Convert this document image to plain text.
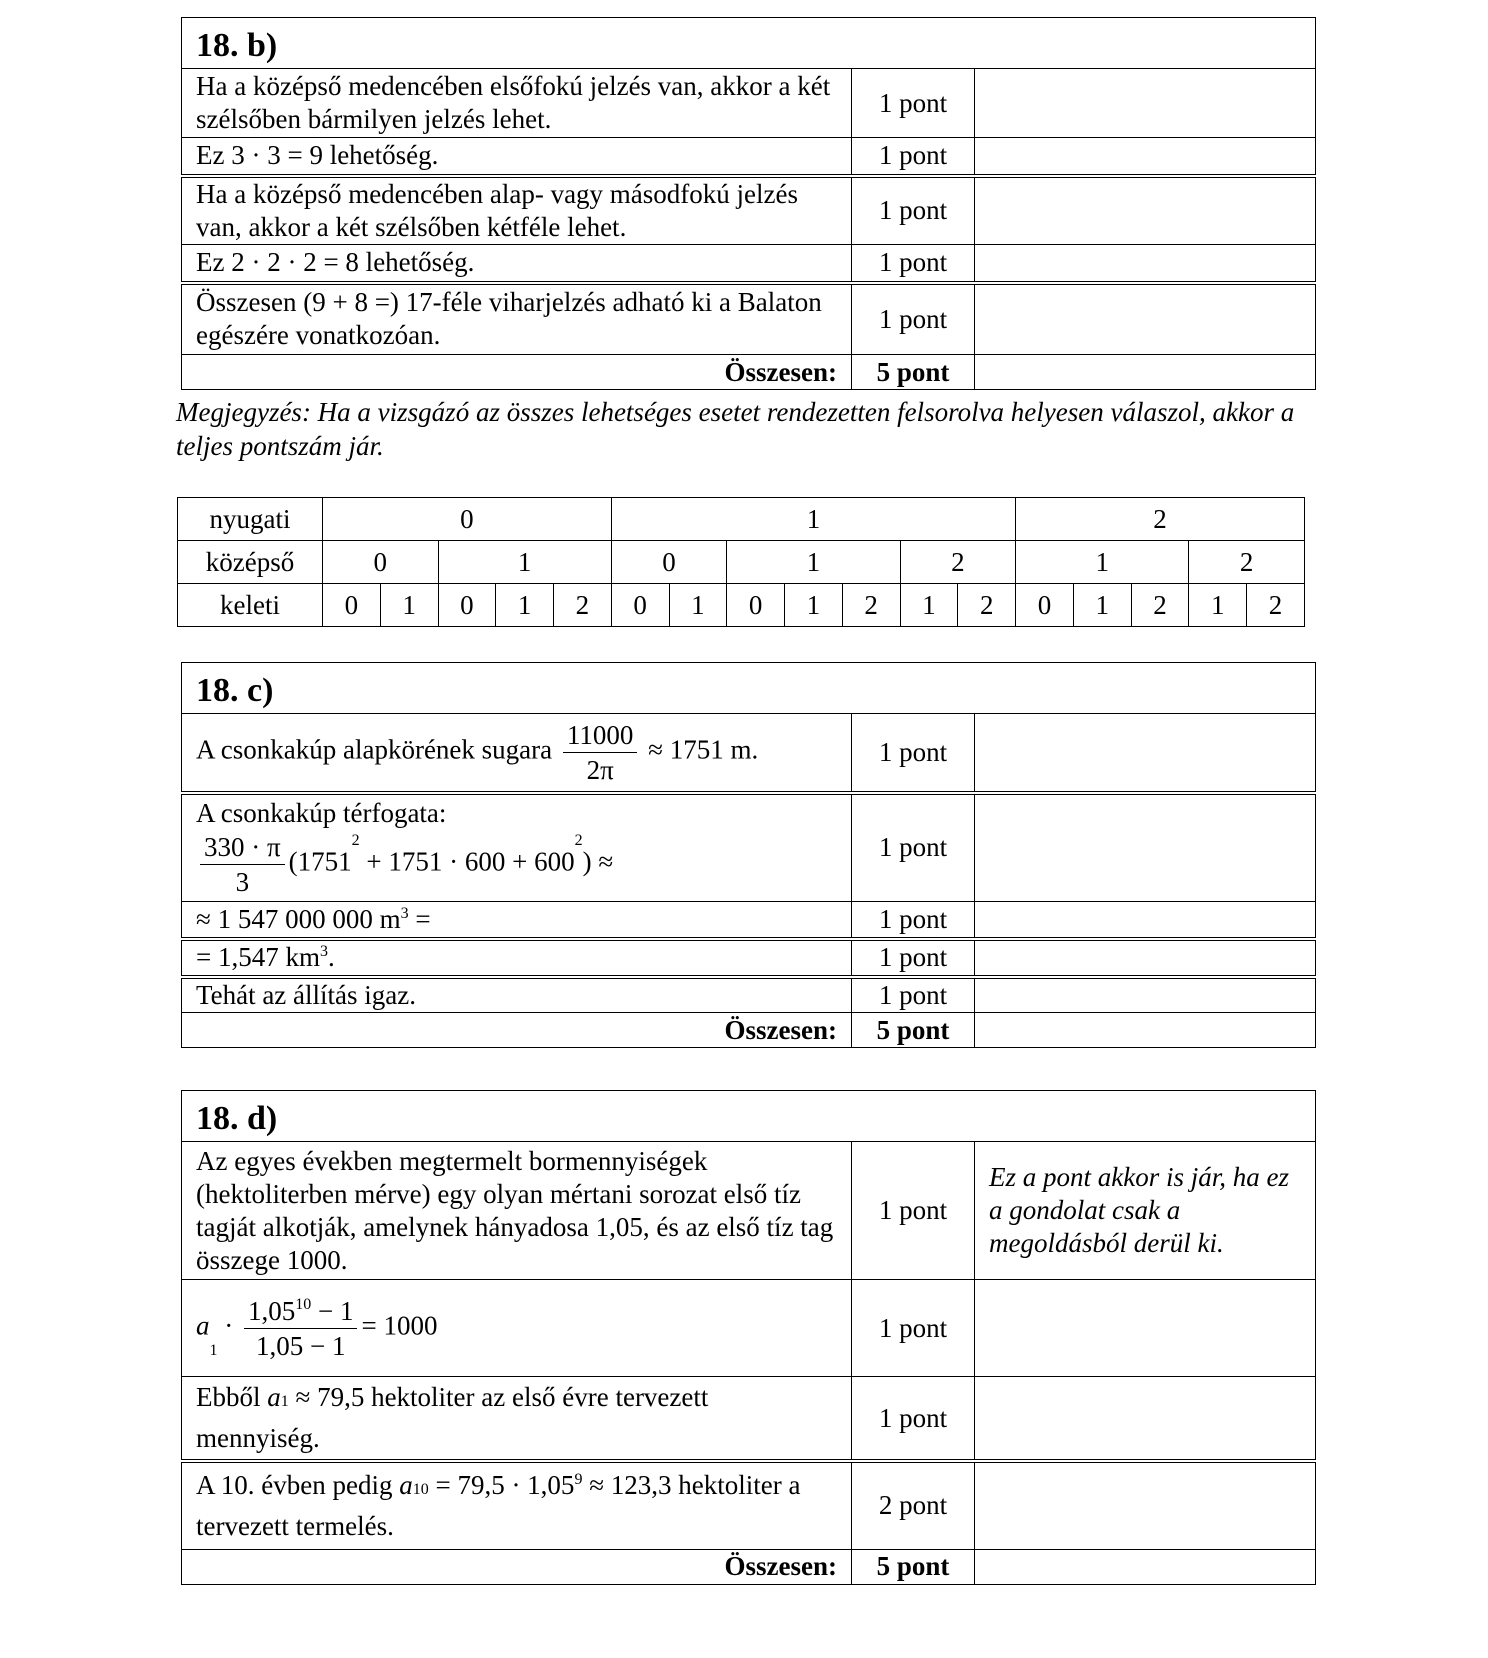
18. b)		
Ha a középső medencében elsőfokú jelzés van, akkor a két szélsőben bármilyen jelzés lehet.	1 pont	
Ez 3 · 3 = 9 lehetőség.	1 pont	
Ha a középső medencében alap- vagy másodfokú jelzés van, akkor a két szélsőben kétféle lehet.	1 pont	
Ez 2 · 2 · 2 = 8 lehetőség.	1 pont	
Összesen (9 + 8 =) 17-féle viharjelzés adható ki a Balaton egészére vonatkozóan.	1 pont	
Összesen:	5 pont	
Megjegyzés: Ha a vizsgázó az összes lehetséges esetet rendezetten felsorolva helyesen válaszol, akkor a teljes pontszám jár.
nyugati	0					1							2				
középső	0		1			0		1			2		1			2	
keleti	0	1	0	1	2	0	1	0	1	2	1	2	0	1	2	1	2
18. c)		
A csonkakúp alapkörének sugara $\frac{11000}{2\pi} \approx 1751$ m.	1 pont	

A csonkakúp térfogata:
$\frac{330 \cdot \pi}{3} (1751^2 + 1751 \cdot 600 + 600^2)$ ≈	1 pont	
≈ 1 547 000 000 $m^3$ =	1 pont	
= 1,547 $km^3$.	1 pont	
Tehát az állítás igaz.	1 pont	
Összesen:	5 pont	
18. d)		
Az egyes években megtermelt bormennyiségek (hektoliterben mérve) egy olyan mértani sorozat első tíz tagját alkotják, amelynek hányadosa 1,05, és az első tíz tag összege 1000.	1 pont	Ez a pont akkor is jár, ha ez a gondolat csak a megoldásból derül ki.
$a_1 \cdot \frac{1,05^{10} - 1}{1,05 - 1} = 1000$	1 pont	
Ebből $a_1 \approx 79,5$ hektoliter az első évre tervezett mennyiség.	1 pont	
A 10. évben pedig $a_{10} = 79,5 \cdot 1,05^9 \approx 123,3$ hektoliter a tervezett termelés.	2 pont	
Összesen:	5 pont	
